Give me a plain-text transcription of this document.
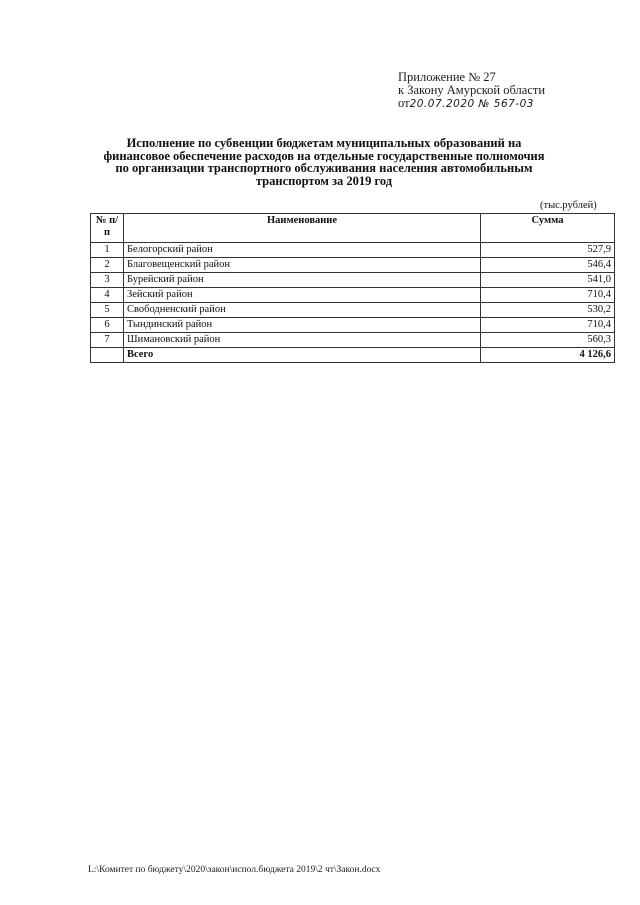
Приложение № 27
к Закону Амурской области
от20.07.2020 № 567-03
Исполнение по субвенции бюджетам муниципальных образований на финансовое обеспечение расходов на отдельные государственные полномочия по организации транспортного обслуживания населения автомобильным транспортом за 2019 год
(тыс.рублей)
№ п/п	Наименование	Сумма
1	Белогорский район	527,9
2	Благовещенский район	546,4
3	Бурейский район	541,0
4	Зейский район	710,4
5	Свободненский район	530,2
6	Тындинский район	710,4
7	Шимановский район	560,3
	Всего	4 126,6
L:\Комитет по бюджету\2020\закон\испол.бюджета 2019\2 чт\Закон.docx
